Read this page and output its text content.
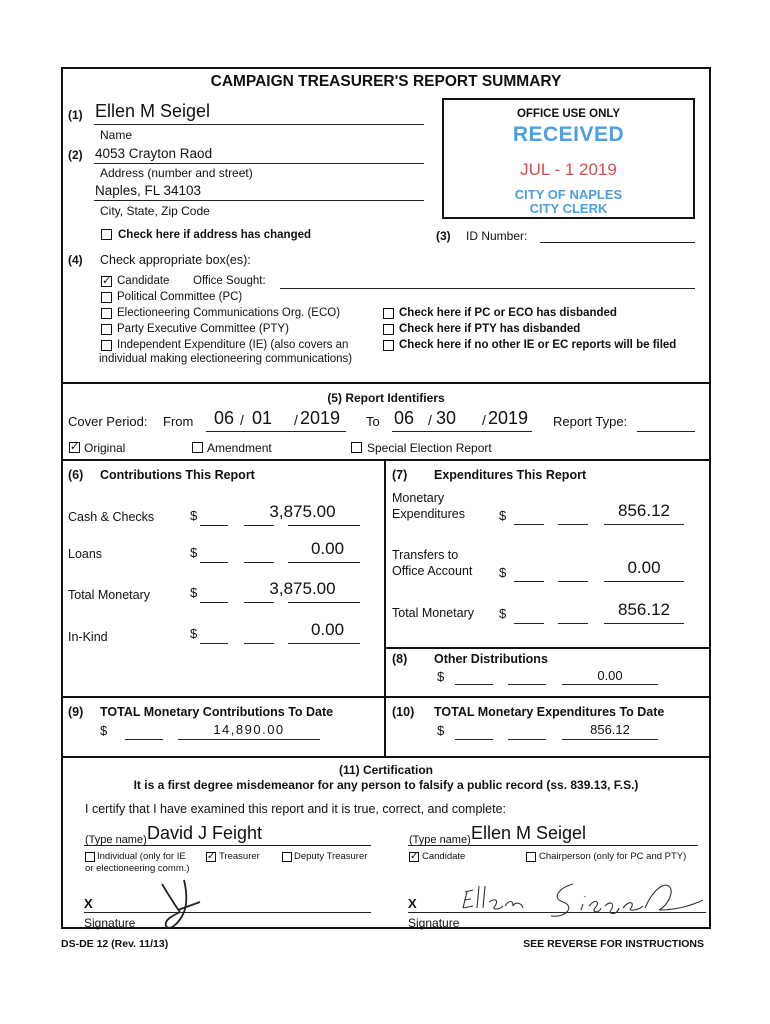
CAMPAIGN TREASURER'S REPORT SUMMARY
(1) Ellen M Seigel
Name
(2) 4053 Crayton Raod
Address (number and street)
Naples, FL 34103
City, State, Zip Code
Check here if address has changed	(3) ID Number:
OFFICE USE ONLY
RECEIVED
JUL - 1 2019
CITY OF NAPLES
CITY CLERK
(4) Check appropriate box(es):
✓ Candidate Office Sought:
Political Committee (PC)
Electioneering Communications Org. (ECO)
Party Executive Committee (PTY)
Independent Expenditure (IE) (also covers an
individual making electioneering communications)
Check here if PC or ECO has disbanded
Check here if PTY has disbanded
Check here if no other IE or EC reports will be filed
(5) Report Identifiers
Cover Period: From 06 / 01 / 2019 To 06 / 30 / 2019 Report Type:
✓ Original	Amendment	Special Election Report
(6) Contributions This Report
Cash & Checks	$	3,875.00
Loans	$	0.00
Total Monetary	$	3,875.00
In-Kind	$	0.00
(7) Expenditures This Report
Monetary
Expenditures	$	856.12
Transfers to
Office Account $	0.00
Total Monetary $	856.12
(8) Other Distributions
$	0.00
(9) TOTAL Monetary Contributions To Date
$	14,890.00
(10) TOTAL Monetary Expenditures To Date
$	856.12
(11) Certification
It is a first degree misdemeanor for any person to falsify a public record (ss. 839.13, F.S.)
I certify that I have examined this report and it is true, correct, and complete:
(Type name) David J Feight	(Type name) Ellen M Seigel
Individual (only for IE
or electioneering comm.)
✓ Treasurer	Deputy Treasurer	✓ Candidate	Chairperson (only for PC and PTY)
X
Signature
X
Signature
DS-DE 12 (Rev. 11/13)	SEE REVERSE FOR INSTRUCTIONS
